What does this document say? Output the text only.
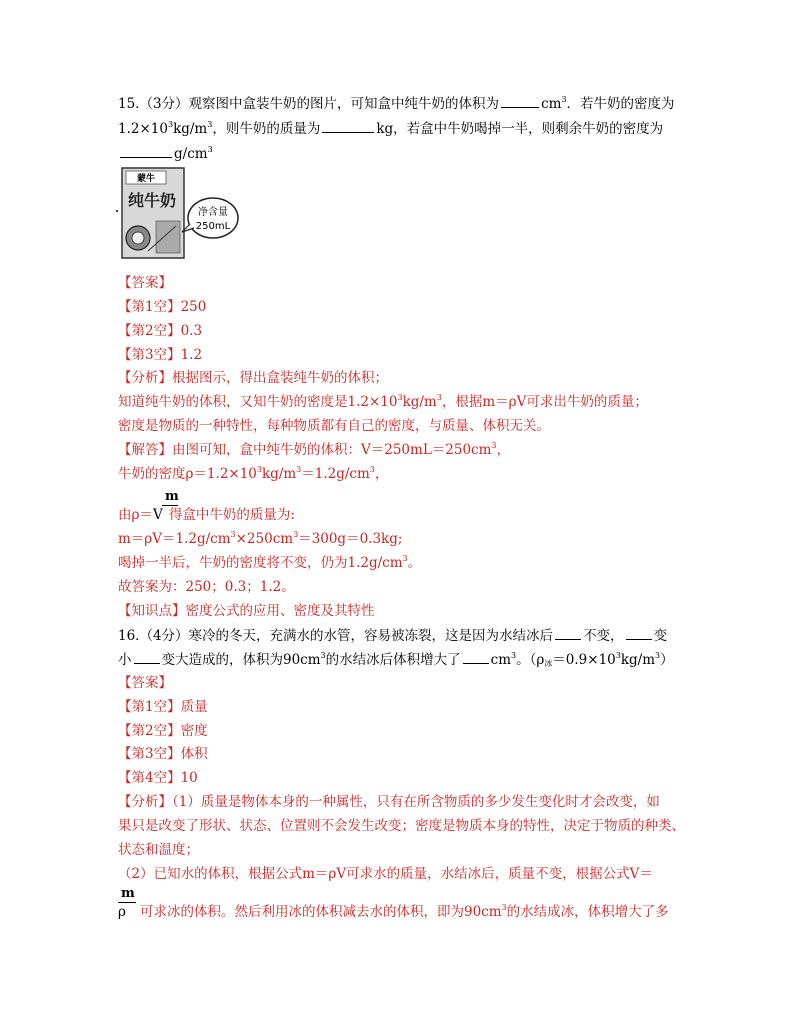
15.（3分）观察图中盒装牛奶的图片，可知盒中纯牛奶的体积为	$cm^3$．若牛奶的密度为
$1.2\times 10^3kg/m^3$，则牛奶的质量为	kg，若盒中牛奶喝掉一半，则剩余牛奶的密度为
$g/cm^3$
蒙牛
纯牛奶
净含量
250mL
【答案】
【第1空】250
【第2空】0.3
【第3空】1.2
【分析】根据图示，得出盒装纯牛奶的体积；
知道纯牛奶的体积，又知牛奶的密度是$1.2\times 10^3kg/m^3$，根据m＝ρV可求出牛奶的质量；
密度是物质的一种特性，每种物质都有自己的密度，与质量、体积无关。
【解答】由图可知，盒中纯牛奶的体积：$V=250mL=250cm^3$，
牛奶的密度$\rho=1.2\times 10^3kg/m^3=1.2g/cm^3$，
m
由ρ＝V 得盒中牛奶的质量为:
$m=\rho V=1.2g/cm^3\times 250cm^3=300g=0.3kg$;
喝掉一半后，牛奶的密度将不变，仍为$1.2g/cm^3$。
故答案为：250；0.3；1.2。
【知识点】密度公式的应用、密度及其特性
16.（4分）寒冷的冬天，充满水的水管，容易被冻裂，这是因为水结冰后 不变， 变
小 变大造成的，体积为$90cm^3$的水结冰后体积增大了 $cm^3$。$(\rho_冰=0.9\times 10^3kg/m^3)$
【答案】
【第1空】质量
【第2空】密度
【第3空】体积
【第4空】10
【分析】（1）质量是物体本身的一种属性，只有在所含物质的多少发生变化时才会改变，如
果只是改变了形状、状态、位置则不会发生改变；密度是物质本身的特性，决定于物质的种类、
状态和温度；
（2）已知水的体积，根据公式m＝ρV可求水的质量，水结冰后，质量不变，根据公式V＝
m
ρ 可求冰的体积。然后利用冰的体积减去水的体积，即为$90cm^3$的水结成冰，体积增大了多
